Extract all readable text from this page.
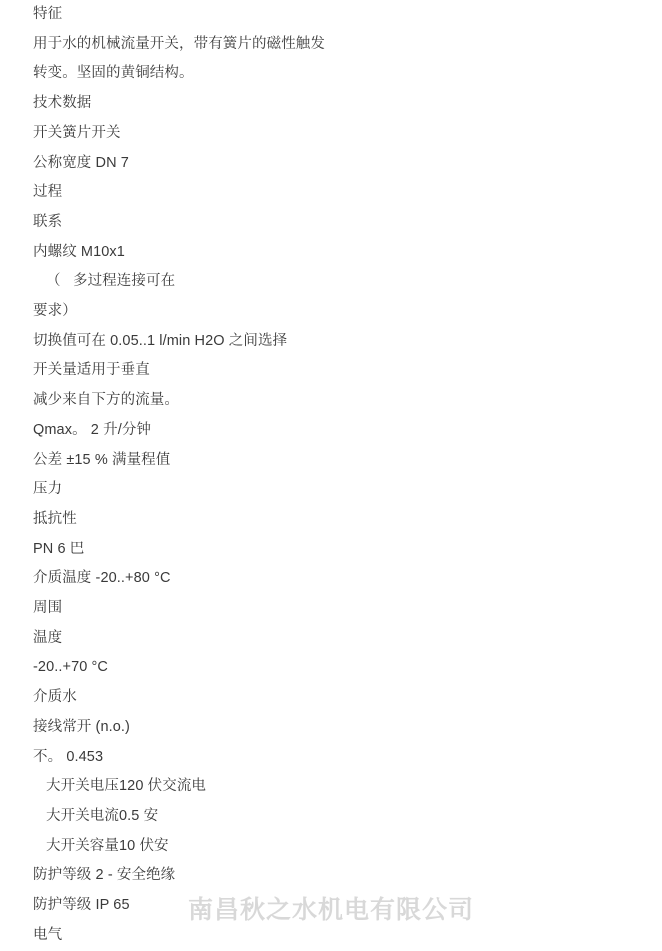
特征
用于水的机械流量开关，带有簧片的磁性触发
转变。坚固的黄铜结构。
技术数据
开关簧片开关
公称宽度 DN 7
过程
联系
内螺纹 M10x1
（   多过程连接可在
要求）
切换值可在 0.05..1 l/min H2O 之间选择
开关量适用于垂直
减少来自下方的流量。
Qmax。 2 升/分钟
公差 ±15 % 满量程值
压力
抵抗性
PN 6 巴
介质温度 -20..+80 °C
周围
温度
-20..+70 °C
介质水
接线常开 (n.o.)
不。 0.453
大开关电压120 伏交流电
大开关电流0.5 安
大开关容量10 伏安
防护等级 2 - 安全绝缘
防护等级 IP 65
电气
南昌秋之水机电有限公司
